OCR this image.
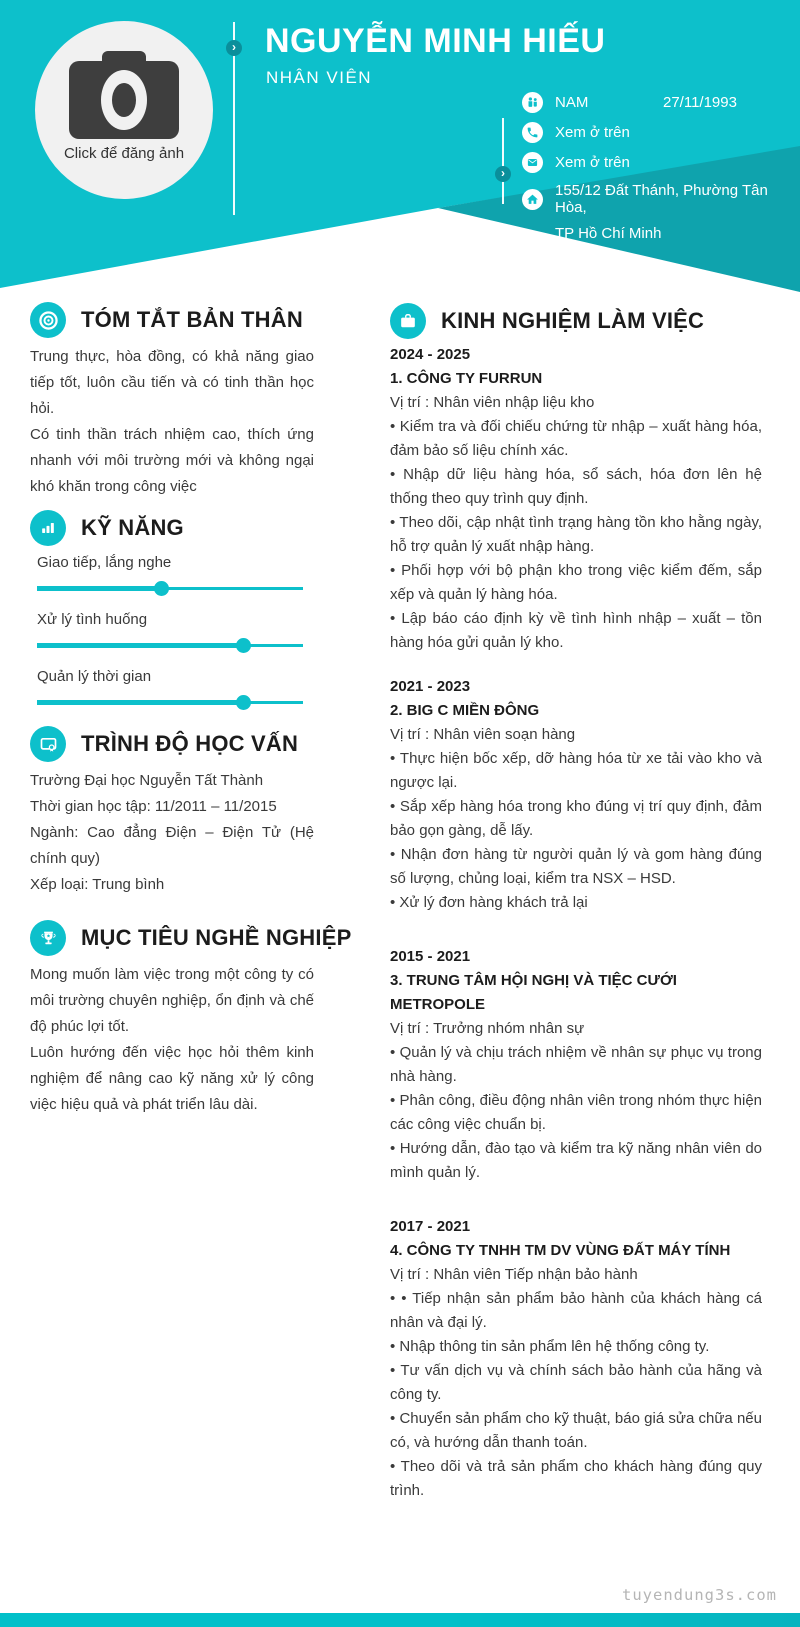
Click để đăng ảnh
›
NGUYỄN MINH HIẾU
NHÂN VIÊN
›
NAM	27/11/1993
Xem ở trên
Xem ở trên
155/12 Đất Thánh, Phường Tân Hòa,
TP Hồ Chí Minh
TÓM TẮT BẢN THÂN

Trung thực, hòa đồng, có khả năng giao tiếp tốt, luôn cầu tiến và có tinh thần học hỏi.

Có tinh thần trách nhiệm cao, thích ứng nhanh với môi trường mới và không ngại khó khăn trong công việc

KỸ NĂNG
Giao tiếp, lắng nghe
Xử lý tình huống
Quản lý thời gian
TRÌNH ĐỘ HỌC VẤN
Trường Đại học Nguyễn Tất Thành
Thời gian học tập: 11/2011 – 11/2015
Ngành: Cao đẳng Điện – Điện Tử (Hệ chính quy)
Xếp loại: Trung bình
MỤC TIÊU NGHỀ NGHIỆP

Mong muốn làm việc trong một công ty có môi trường chuyên nghiệp, ổn định và chế độ phúc lợi tốt.

Luôn hướng đến việc học hỏi thêm kinh nghiệm để nâng cao kỹ năng xử lý công việc hiệu quả và phát triển lâu dài.

KINH NGHIỆM LÀM VIỆC
2024 - 2025
1. CÔNG TY FURRUN
Vị trí : Nhân viên nhập liệu kho
• Kiểm tra và đối chiếu chứng từ nhập – xuất hàng hóa, đảm bảo số liệu chính xác.
• Nhập dữ liệu hàng hóa, sổ sách, hóa đơn lên hệ thống theo quy trình quy định.
• Theo dõi, cập nhật tình trạng hàng tồn kho hằng ngày, hỗ trợ quản lý xuất nhập hàng.
• Phối hợp với bộ phận kho trong việc kiểm đếm, sắp xếp và quản lý hàng hóa.
• Lập báo cáo định kỳ về tình hình nhập – xuất – tồn hàng hóa gửi quản lý kho.
2021 - 2023
2. BIG C MIỀN ĐÔNG
Vị trí : Nhân viên soạn hàng
• Thực hiện bốc xếp, dỡ hàng hóa từ xe tải vào kho và ngược lại.
• Sắp xếp hàng hóa trong kho đúng vị trí quy định, đảm bảo gọn gàng, dễ lấy.
• Nhận đơn hàng từ người quản lý và gom hàng đúng số lượng, chủng loại, kiểm tra NSX – HSD.
• Xử lý đơn hàng khách trả lại
2015 - 2021
3. TRUNG TÂM HỘI NGHỊ VÀ TIỆC CƯỚI METROPOLE
Vị trí : Trưởng nhóm nhân sự
• Quản lý và chịu trách nhiệm về nhân sự phục vụ trong nhà hàng.
• Phân công, điều động nhân viên trong nhóm thực hiện các công việc chuẩn bị.
• Hướng dẫn, đào tạo và kiểm tra kỹ năng nhân viên do mình quản lý.
2017 - 2021
4. CÔNG TY TNHH TM DV VÙNG ĐẤT MÁY TÍNH
Vị trí : Nhân viên Tiếp nhận bảo hành
• • Tiếp nhận sản phẩm bảo hành của khách hàng cá nhân và đại lý.
• Nhập thông tin sản phẩm lên hệ thống công ty.
• Tư vấn dịch vụ và chính sách bảo hành của hãng và công ty.
• Chuyển sản phẩm cho kỹ thuật, báo giá sửa chữa nếu có, và hướng dẫn thanh toán.
• Theo dõi và trả sản phẩm cho khách hàng đúng quy trình.
tuyendung3s.com
